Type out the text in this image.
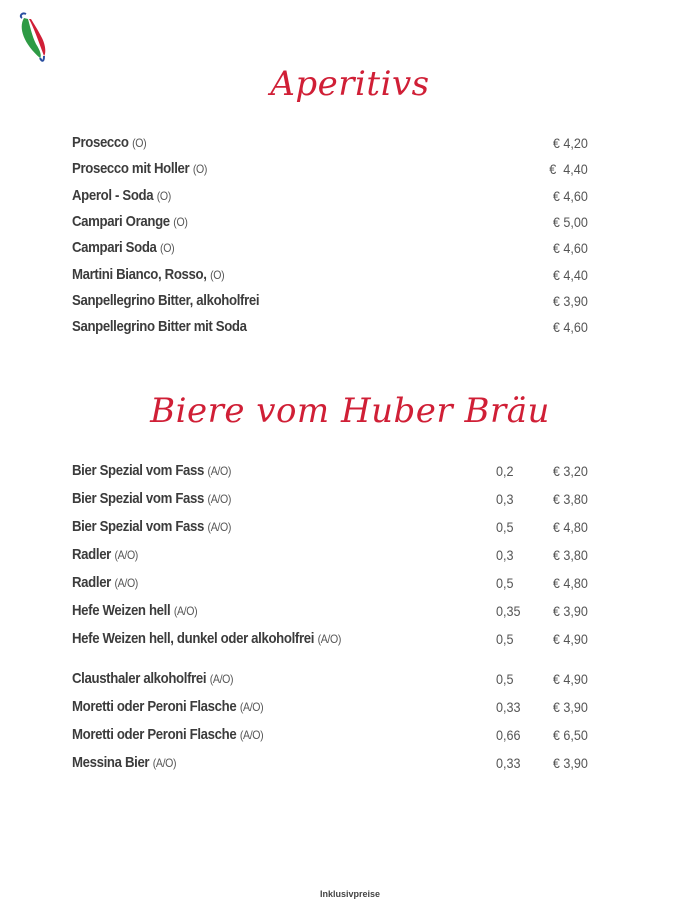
Aperitivs
Prosecco (O)	€ 4,20
Prosecco mit Holler (O)	€  4,40
Aperol - Soda (O)	€ 4,60
Campari Orange (O)	€ 5,00
Campari Soda (O)	€ 4,60
Martini Bianco, Rosso, (O)	€ 4,40
Sanpellegrino Bitter, alkoholfrei	€ 3,90
Sanpellegrino Bitter mit Soda	€ 4,60
Biere vom Huber Bräu
Bier Spezial vom Fass (A/O)	0,2	€ 3,20
Bier Spezial vom Fass (A/O)	0,3	€ 3,80
Bier Spezial vom Fass (A/O)	0,5	€ 4,80
Radler (A/O)	0,3	€ 3,80
Radler (A/O)	0,5	€ 4,80
Hefe Weizen hell (A/O)	0,35 € 3,90
Hefe Weizen hell, dunkel oder alkoholfrei (A/O)	0,5	€ 4,90
Clausthaler alkoholfrei (A/O)	0,5	€ 4,90
Moretti oder Peroni Flasche (A/O)	0,33 € 3,90
Moretti oder Peroni Flasche (A/O)	0,66 € 6,50
Messina Bier (A/O)	0,33 € 3,90
Inklusivpreise
